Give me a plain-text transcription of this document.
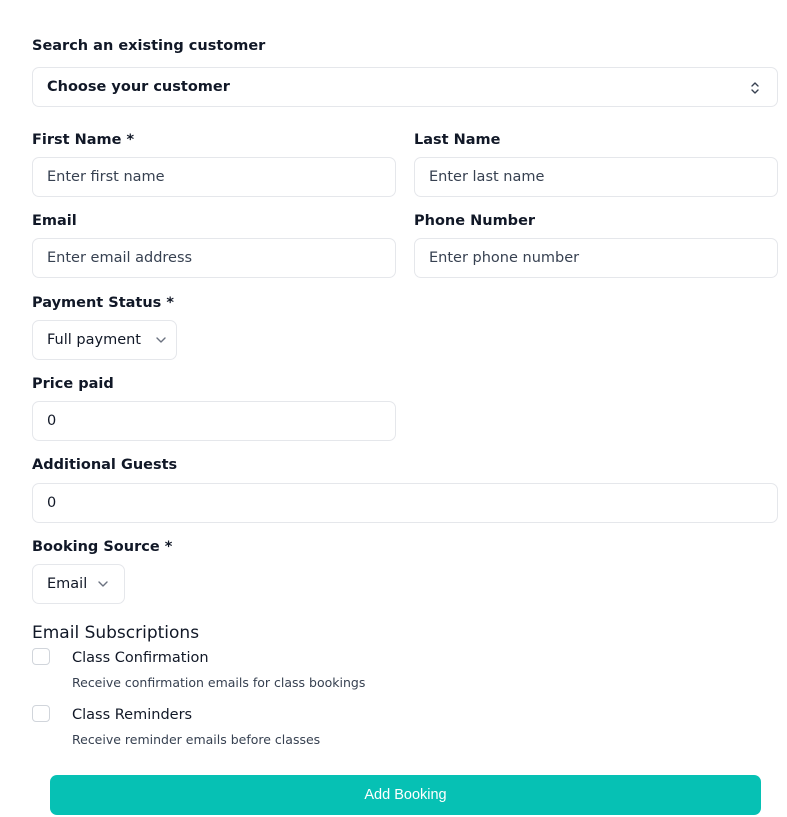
Search an existing customer
Choose your customer
First Name *
Enter first name
Last Name
Enter last name
Email
Enter email address
Phone Number
Enter phone number
Payment Status *
Full payment
Price paid
0
Additional Guests
0
Booking Source *
Email
Email Subscriptions
Class Confirmation
Receive confirmation emails for class bookings
Class Reminders
Receive reminder emails before classes
Add Booking
